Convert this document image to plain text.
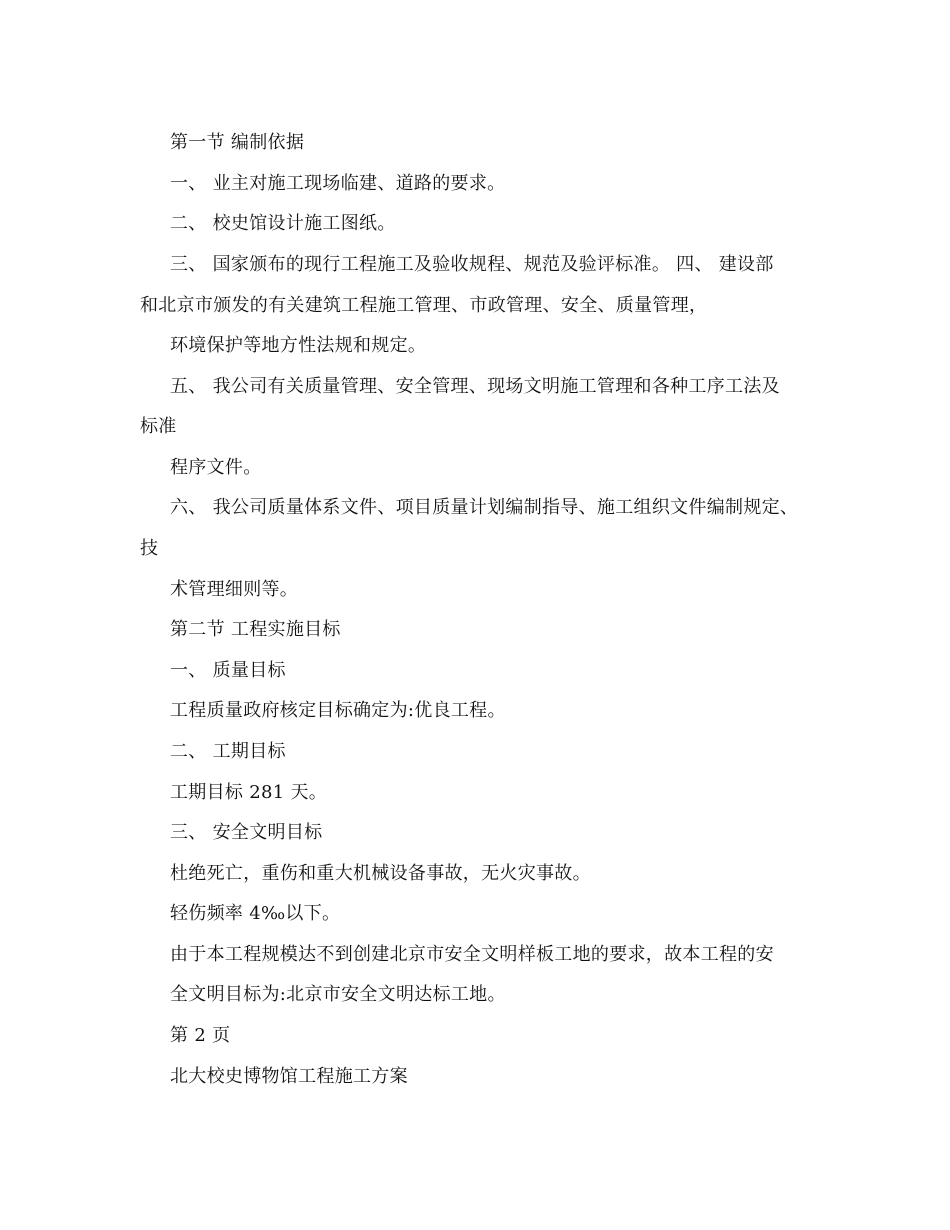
第一节 编制依据
一、 业主对施工现场临建、道路的要求。
二、 校史馆设计施工图纸。
三、 国家颁布的现行工程施工及验收规程、规范及验评标准。 四、 建设部
和北京市颁发的有关建筑工程施工管理、市政管理、安全、质量管理，
环境保护等地方性法规和规定。
五、 我公司有关质量管理、安全管理、现场文明施工管理和各种工序工法及
标准
程序文件。
六、 我公司质量体系文件、项目质量计划编制指导、施工组织文件编制规定、
技
术管理细则等。
第二节 工程实施目标
一、 质量目标
工程质量政府核定目标确定为:优良工程。
二、 工期目标
工期目标 281 天。
三、 安全文明目标
杜绝死亡，重伤和重大机械设备事故，无火灾事故。
轻伤频率 4‰以下。
由于本工程规模达不到创建北京市安全文明样板工地的要求，故本工程的安
全文明目标为:北京市安全文明达标工地。
第 2 页
北大校史博物馆工程施工方案
